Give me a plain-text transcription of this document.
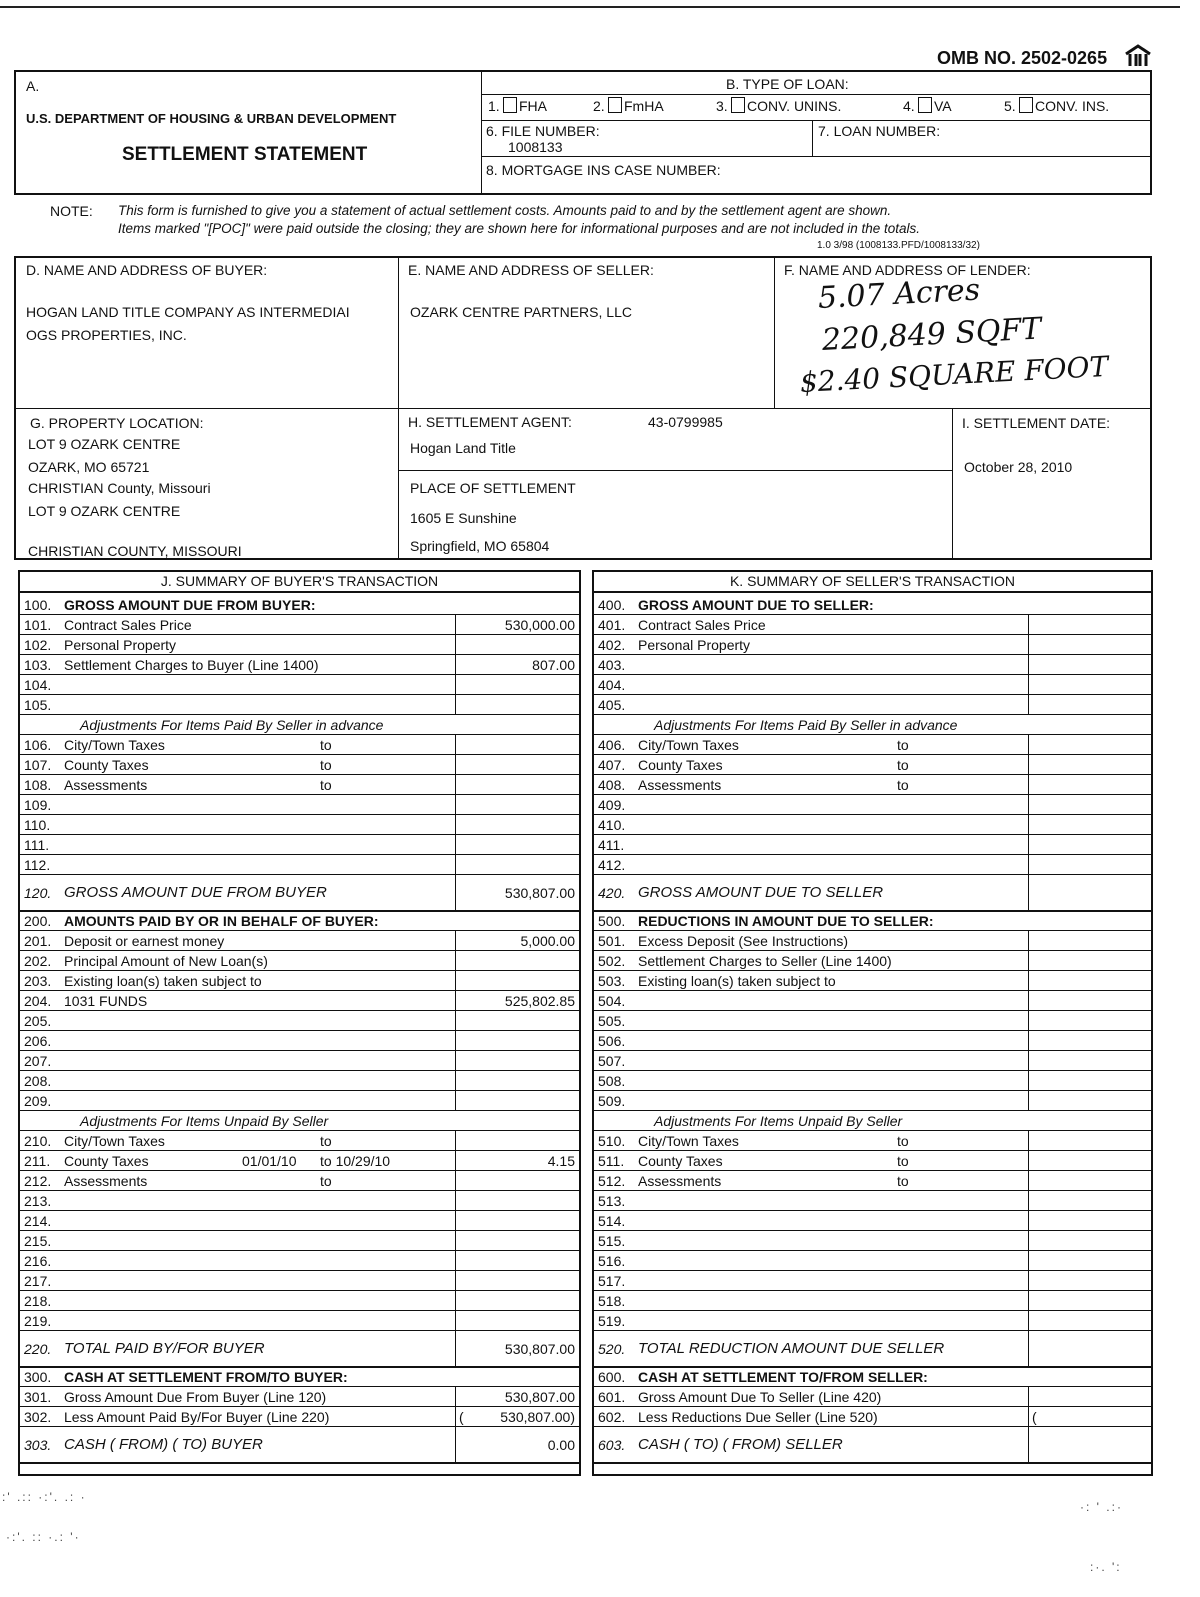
OMB NO. 2502-0265
A.
U.S. DEPARTMENT OF HOUSING & URBAN DEVELOPMENT
SETTLEMENT STATEMENT
B. TYPE OF LOAN:
1. FHA	2. FmHA	3. CONV. UNINS.	4. VA	5. CONV. INS.
6. FILE NUMBER:
1008133
7. LOAN NUMBER:
8. MORTGAGE INS CASE NUMBER:
NOTE: This form is furnished to give you a statement of actual settlement costs. Amounts paid to and by the settlement agent are shown.
Items marked "[POC]" were paid outside the closing; they are shown here for informational purposes and are not included in the totals.
1.0 3/98 (1008133.PFD/1008133/32)
D. NAME AND ADDRESS OF BUYER:
HOGAN LAND TITLE COMPANY AS INTERMEDIAI
OGS PROPERTIES, INC.
E. NAME AND ADDRESS OF SELLER:
OZARK CENTRE PARTNERS, LLC
F. NAME AND ADDRESS OF LENDER:
5.07 Acres
220,849 SQFT
$2.40 SQUARE FOOT
G. PROPERTY LOCATION:
LOT 9 OZARK CENTRE
OZARK, MO 65721
CHRISTIAN County, Missouri
LOT 9 OZARK CENTRE
CHRISTIAN COUNTY, MISSOURI
H. SETTLEMENT AGENT:	43-0799985
Hogan Land Title
PLACE OF SETTLEMENT
1605 E Sunshine
Springfield, MO 65804
I. SETTLEMENT DATE:
October 28, 2010
J. SUMMARY OF BUYER'S TRANSACTION
100. GROSS AMOUNT DUE FROM BUYER:
101. Contract Sales Price	530,000.00
102. Personal Property
103. Settlement Charges to Buyer (Line 1400)	807.00
104.
105.
Adjustments For Items Paid By Seller in advance
106. City/Town Taxes	to
107. County Taxes	to
108. Assessments	to
109.
110.
111.
112.
120. GROSS AMOUNT DUE FROM BUYER	530,807.00
200. AMOUNTS PAID BY OR IN BEHALF OF BUYER:
201. Deposit or earnest money	5,000.00
202. Principal Amount of New Loan(s)
203. Existing loan(s) taken subject to
204. 1031 FUNDS	525,802.85
205.
206.
207.
208.
209.
Adjustments For Items Unpaid By Seller
210. City/Town Taxes	to
211. County Taxes	01/01/10 to 10/29/10	4.15
212. Assessments	to
213.
214.
215.
216.
217.
218.
219.
220. TOTAL PAID BY/FOR BUYER	530,807.00
300. CASH AT SETTLEMENT FROM/TO BUYER:
301. Gross Amount Due From Buyer (Line 120)	530,807.00
302. Less Amount Paid By/For Buyer (Line 220)	(	530,807.00)
303. CASH ( FROM) ( TO) BUYER	0.00
K. SUMMARY OF SELLER'S TRANSACTION
400. GROSS AMOUNT DUE TO SELLER:
401. Contract Sales Price
402. Personal Property
403.
404.
405.
Adjustments For Items Paid By Seller in advance
406. City/Town Taxes	to
407. County Taxes	to
408. Assessments	to
409.
410.
411.
412.
420. GROSS AMOUNT DUE TO SELLER
500. REDUCTIONS IN AMOUNT DUE TO SELLER:
501. Excess Deposit (See Instructions)
502. Settlement Charges to Seller (Line 1400)
503. Existing loan(s) taken subject to
504.
505.
506.
507.
508.
509.
Adjustments For Items Unpaid By Seller
510. City/Town Taxes	to
511. County Taxes	to
512. Assessments	to
513.
514.
515.
516.
517.
518.
519.
520. TOTAL REDUCTION AMOUNT DUE SELLER
600. CASH AT SETTLEMENT TO/FROM SELLER:
601. Gross Amount Due To Seller (Line 420)
602. Less Reductions Due Seller (Line 520)	(
603. CASH ( TO) ( FROM) SELLER
:' .:: ·:'. .: ·
·:'. :: ·.: '·
·: ' .:·
:·. ':
